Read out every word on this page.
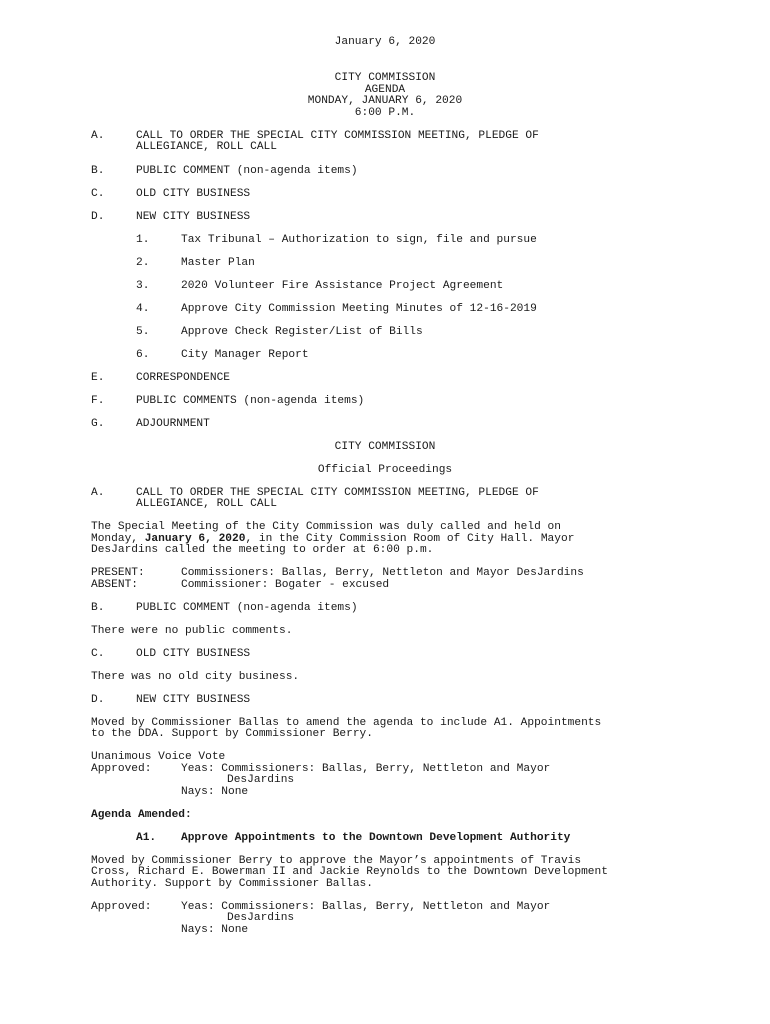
January 6, 2020
CITY COMMISSION
AGENDA
MONDAY, JANUARY 6, 2020
6:00 P.M.
A.	CALL TO ORDER THE SPECIAL CITY COMMISSION MEETING, PLEDGE OF
ALLEGIANCE, ROLL CALL
B.	PUBLIC COMMENT (non-agenda items)
C.	OLD CITY BUSINESS
D.	NEW CITY BUSINESS
1.	Tax Tribunal – Authorization to sign, file and pursue
2.	Master Plan
3.	2020 Volunteer Fire Assistance Project Agreement
4.	Approve City Commission Meeting Minutes of 12-16-2019
5.	Approve Check Register/List of Bills
6.	City Manager Report
E.	CORRESPONDENCE
F.	PUBLIC COMMENTS (non-agenda items)
G.	ADJOURNMENT
CITY COMMISSION
Official Proceedings
A.	CALL TO ORDER THE SPECIAL CITY COMMISSION MEETING, PLEDGE OF
ALLEGIANCE, ROLL CALL
The Special Meeting of the City Commission was duly called and held on
Monday, January 6, 2020, in the City Commission Room of City Hall. Mayor
DesJardins called the meeting to order at 6:00 p.m.
PRESENT:	Commissioners: Ballas, Berry, Nettleton and Mayor DesJardins
ABSENT:	Commissioner: Bogater - excused
B.	PUBLIC COMMENT (non-agenda items)
There were no public comments.
C.	OLD CITY BUSINESS
There was no old city business.
D.	NEW CITY BUSINESS
Moved by Commissioner Ballas to amend the agenda to include A1. Appointments
to the DDA. Support by Commissioner Berry.
Unanimous Voice Vote
Approved:	Yeas: Commissioners: Ballas, Berry, Nettleton and Mayor
DesJardins
Nays: None
Agenda Amended:
A1. Approve Appointments to the Downtown Development Authority
Moved by Commissioner Berry to approve the Mayor’s appointments of Travis
Cross, Richard E. Bowerman II and Jackie Reynolds to the Downtown Development
Authority. Support by Commissioner Ballas.
Approved:	Yeas: Commissioners: Ballas, Berry, Nettleton and Mayor
DesJardins
Nays: None
